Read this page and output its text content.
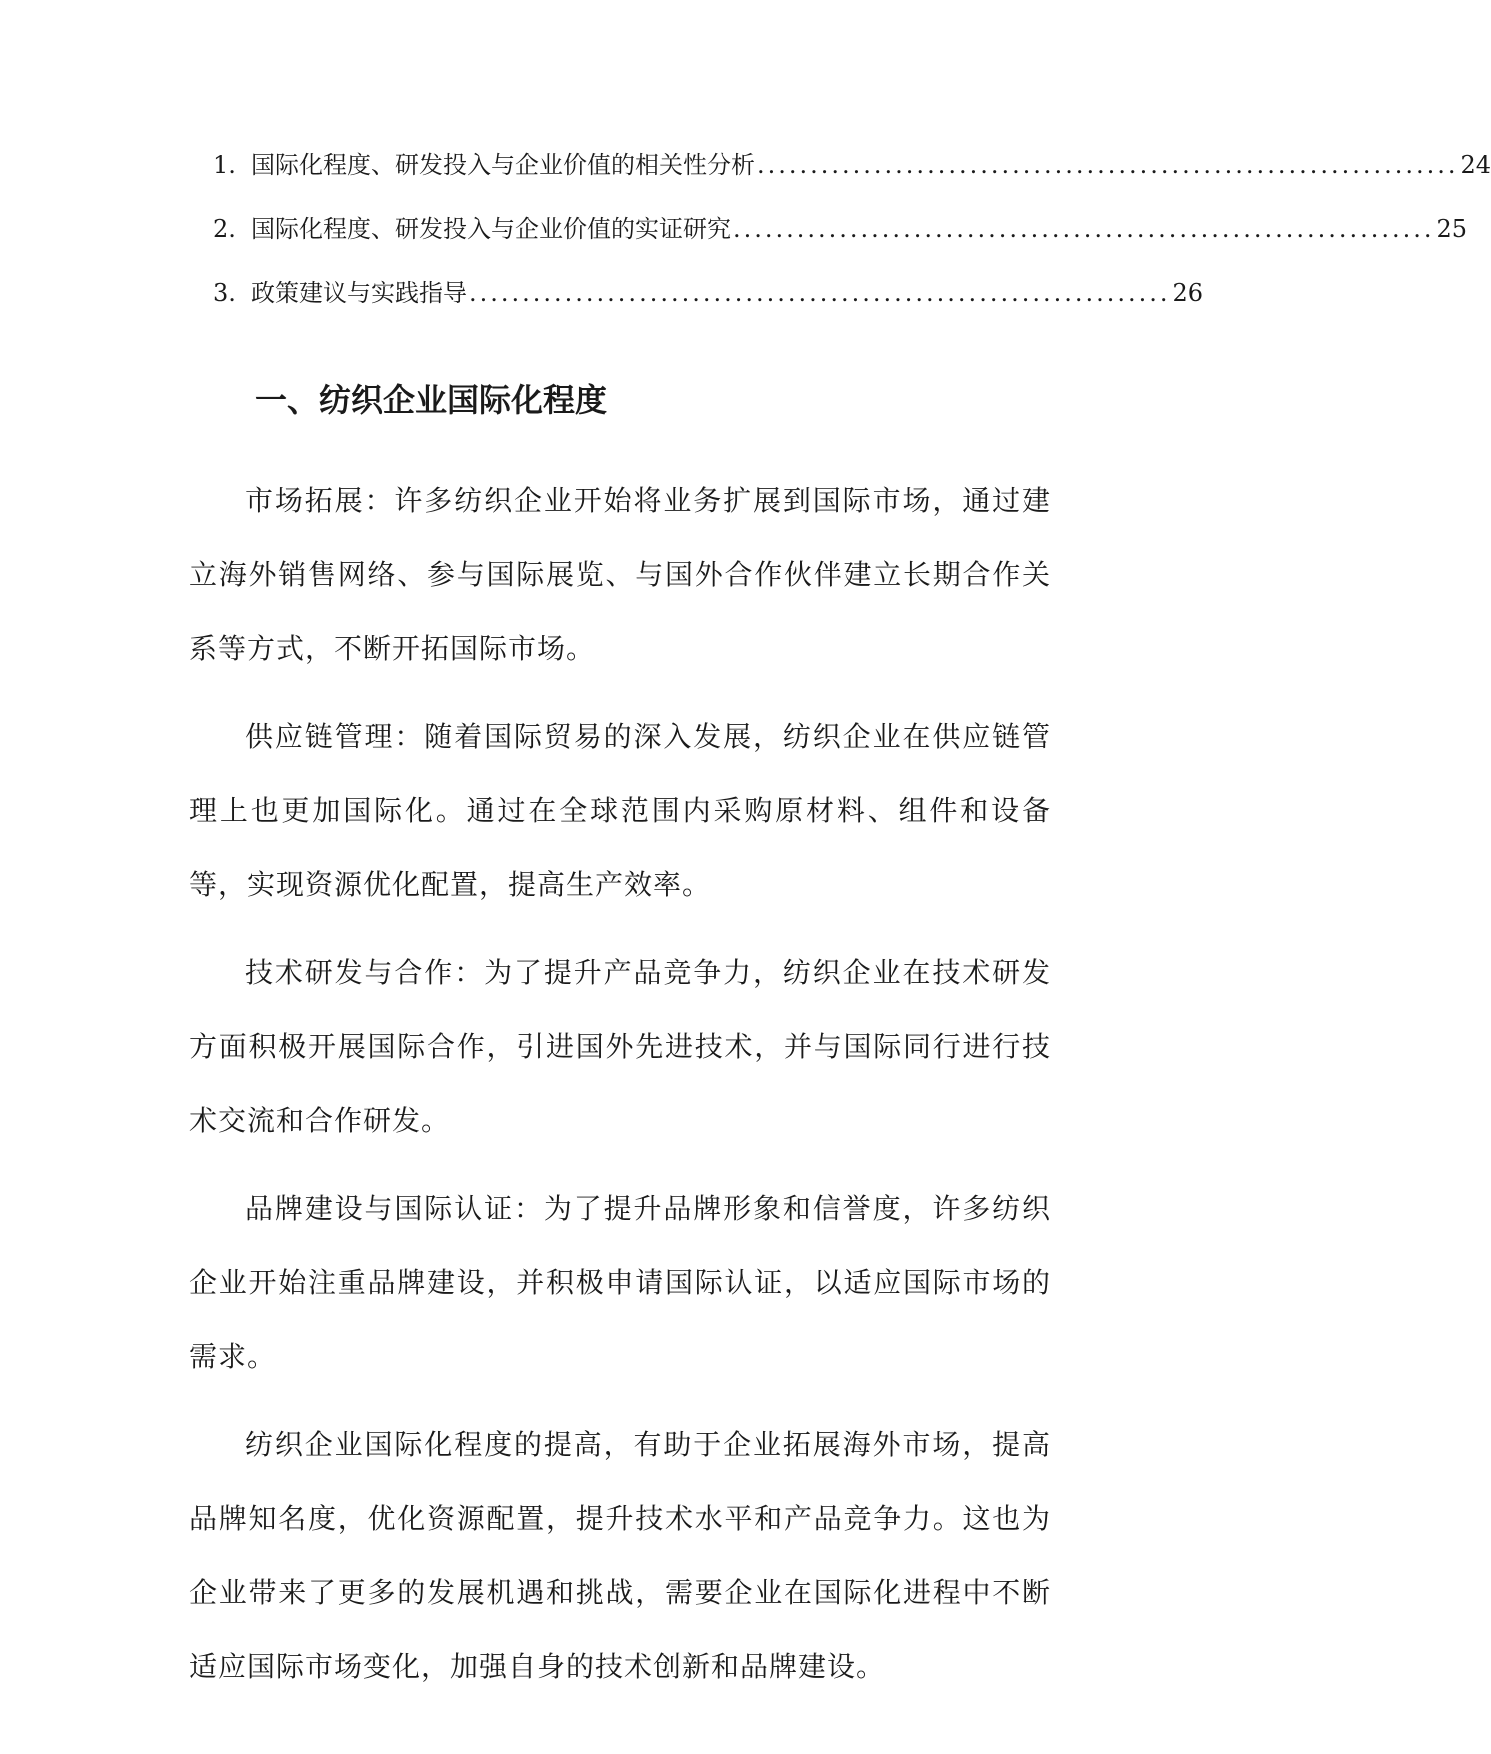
1. 国际化程度、研发投入与企业价值的相关性分析 .................................................................. 24
2. 国际化程度、研发投入与企业价值的实证研究 .................................................................. 25
3. 政策建议与实践指导 .................................................................. 26
一、纺织企业国际化程度

市场拓展：许多纺织企业开始将业务扩展到国际市场，通过建立海外销售网络、参与国际展览、与国外合作伙伴建立长期合作关系等方式，不断开拓国际市场。

供应链管理：随着国际贸易的深入发展，纺织企业在供应链管理上也更加国际化。通过在全球范围内采购原材料、组件和设备等，实现资源优化配置，提高生产效率。

技术研发与合作：为了提升产品竞争力，纺织企业在技术研发方面积极开展国际合作，引进国外先进技术，并与国际同行进行技术交流和合作研发。

品牌建设与国际认证：为了提升品牌形象和信誉度，许多纺织企业开始注重品牌建设，并积极申请国际认证，以适应国际市场的需求。

纺织企业国际化程度的提高，有助于企业拓展海外市场，提高品牌知名度，优化资源配置，提升技术水平和产品竞争力。这也为企业带来了更多的发展机遇和挑战，需要企业在国际化进程中不断适应国际市场变化，加强自身的技术创新和品牌建设。
